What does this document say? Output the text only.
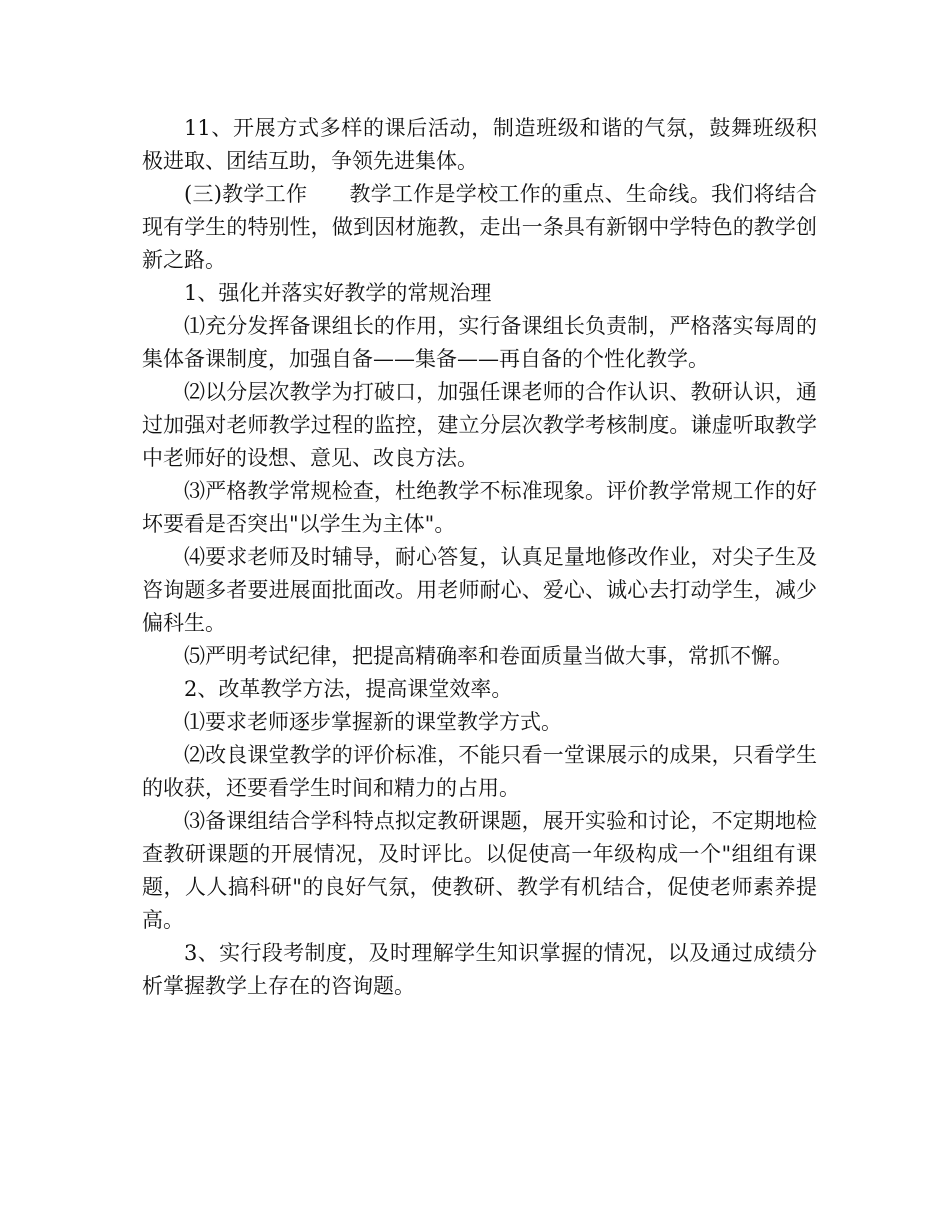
11、开展方式多样的课后活动，制造班级和谐的气氛，鼓舞班级积极进取、团结互助，争领先进集体。

(三)教学工作 教学工作是学校工作的重点、生命线。我们将结合现有学生的特别性，做到因材施教，走出一条具有新钢中学特色的教学创新之路。

1、强化并落实好教学的常规治理

⑴充分发挥备课组长的作用，实行备课组长负责制，严格落实每周的集体备课制度，加强自备——集备——再自备的个性化教学。

⑵以分层次教学为打破口，加强任课老师的合作认识、教研认识，通过加强对老师教学过程的监控，建立分层次教学考核制度。谦虚听取教学中老师好的设想、意见、改良方法。

⑶严格教学常规检查，杜绝教学不标准现象。评价教学常规工作的好坏要看是否突出"以学生为主体"。

⑷要求老师及时辅导，耐心答复，认真足量地修改作业，对尖子生及咨询题多者要进展面批面改。用老师耐心、爱心、诚心去打动学生，减少偏科生。

⑸严明考试纪律，把提高精确率和卷面质量当做大事，常抓不懈。

2、改革教学方法，提高课堂效率。

⑴要求老师逐步掌握新的课堂教学方式。

⑵改良课堂教学的评价标准，不能只看一堂课展示的成果，只看学生的收获，还要看学生时间和精力的占用。

⑶备课组结合学科特点拟定教研课题，展开实验和讨论，不定期地检查教研课题的开展情况，及时评比。以促使高一年级构成一个"组组有课题，人人搞科研"的良好气氛，使教研、教学有机结合，促使老师素养提高。

3、实行段考制度，及时理解学生知识掌握的情况，以及通过成绩分析掌握教学上存在的咨询题。
